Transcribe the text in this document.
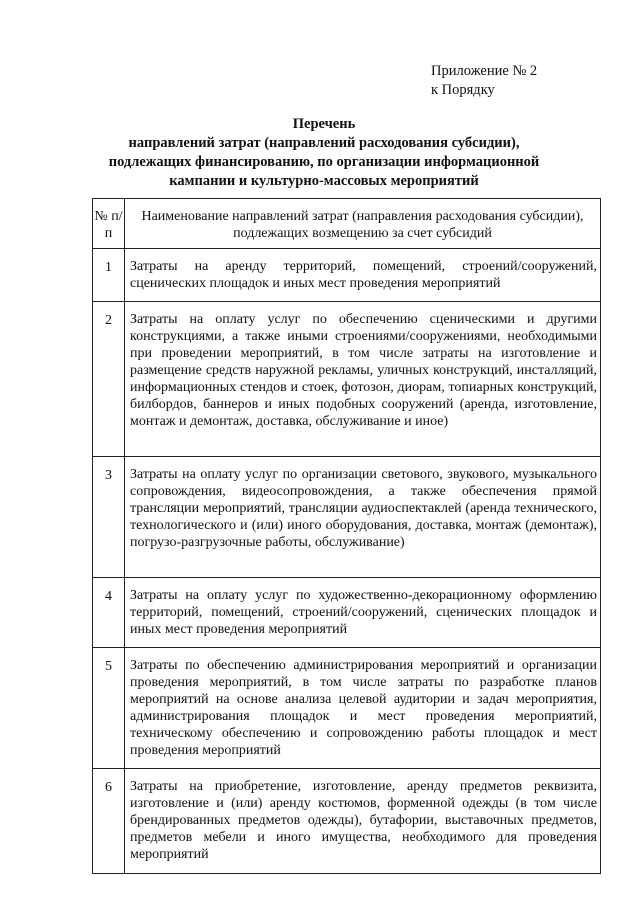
Приложение № 2
к Порядку
Перечень
направлений затрат (направлений расходования субсидии),
подлежащих финансированию, по организации информационной
кампании и культурно-массовых мероприятий
№ п/п	Наименование направлений затрат (направления расходования субсидии), подлежащих возмещению за счет субсидий
1	Затраты на аренду территорий, помещений, строений/сооружений, сценических площадок и иных мест проведения мероприятий
2	Затраты на оплату услуг по обеспечению сценическими и другими конструкциями, а также иными строениями/сооружениями, необходимыми при проведении мероприятий, в том числе затраты на изготовление и размещение средств наружной рекламы, уличных конструкций, инсталляций, информационных стендов и стоек, фотозон, диорам, топиарных конструкций, билбордов, баннеров и иных подобных сооружений (аренда, изготовление, монтаж и демонтаж, доставка, обслуживание и иное)
3	Затраты на оплату услуг по организации светового, звукового, музыкального сопровождения, видеосопровождения, а также обеспечения прямой трансляции мероприятий, трансляции аудиоспектаклей (аренда технического, технологического и (или) иного оборудования, доставка, монтаж (демонтаж), погрузо-разгрузочные работы, обслуживание)
4	Затраты на оплату услуг по художественно-декорационному оформлению территорий, помещений, строений/сооружений, сценических площадок и иных мест проведения мероприятий
5	Затраты по обеспечению администрирования мероприятий и организации проведения мероприятий, в том числе затраты по разработке планов мероприятий на основе анализа целевой аудитории и задач мероприятия, администрирования площадок и мест проведения мероприятий, техническому обеспечению и сопровождению работы площадок и мест проведения мероприятий
6	Затраты на приобретение, изготовление, аренду предметов реквизита, изготовление и (или) аренду костюмов, форменной одежды (в том числе брендированных предметов одежды), бутафории, выставочных предметов, предметов мебели и иного имущества, необходимого для проведения мероприятий
